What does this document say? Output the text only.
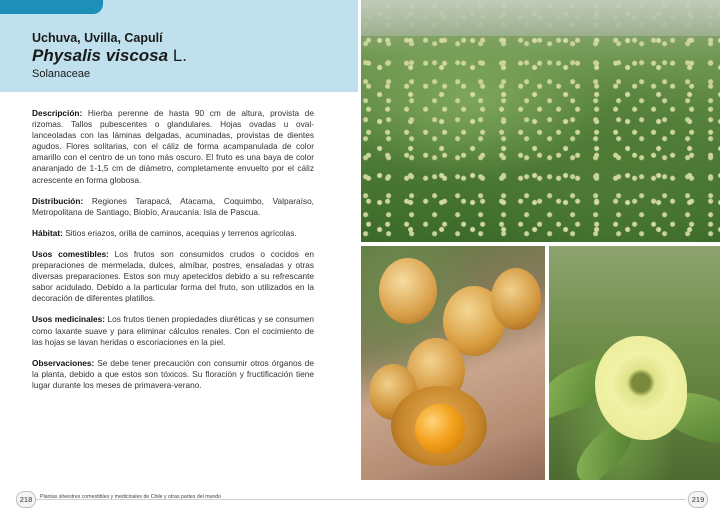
Uchuva, Uvilla, Capulí
Physalis viscosa L.
Solanaceae

Descripción: Hierba perenne de hasta 90 cm de altura, provista de rizomas. Tallos pubescentes o glandulares. Hojas ovadas u oval-lanceoladas con las láminas delgadas, acuminadas, provistas de dientes agudos. Flores solitarias, con el cáliz de forma acampanulada de color amarillo con el centro de un tono más oscuro. El fruto es una baya de color anaranjado de 1-1,5 cm de diámetro, completamente envuelto por el cáliz acrescente en forma globosa.

Distribución: Regiones Tarapacá, Atacama, Coquimbo, Valparaíso, Metropolitana de Santiago, Biobío, Araucanía. Isla de Pascua.

Hábitat: Sitios eriazos, orilla de caminos, acequias y terrenos agrícolas.

Usos comestibles: Los frutos son consumidos crudos o cocidos en preparaciones de mermelada, dulces, almíbar, postres, ensaladas y otras diversas preparaciones. Estos son muy apetecidos debido a su refrescante sabor acidulado. Debido a la particular forma del fruto, son utilizados en la decoración de diferentes platillos.

Usos medicinales: Los frutos tienen propiedades diuréticas y se consumen como laxante suave y para eliminar cálculos renales. Con el cocimiento de las hojas se lavan heridas o escoriaciones en la piel.

Observaciones: Se debe tener precaución con consumir otros órganos de la planta, debido a que estos son tóxicos. Su floración y fructificación tiene lugar durante los meses de primavera-verano.

218	Plantas silvestres comestibles y medicinales de Chile y otras partes del mundo	219
